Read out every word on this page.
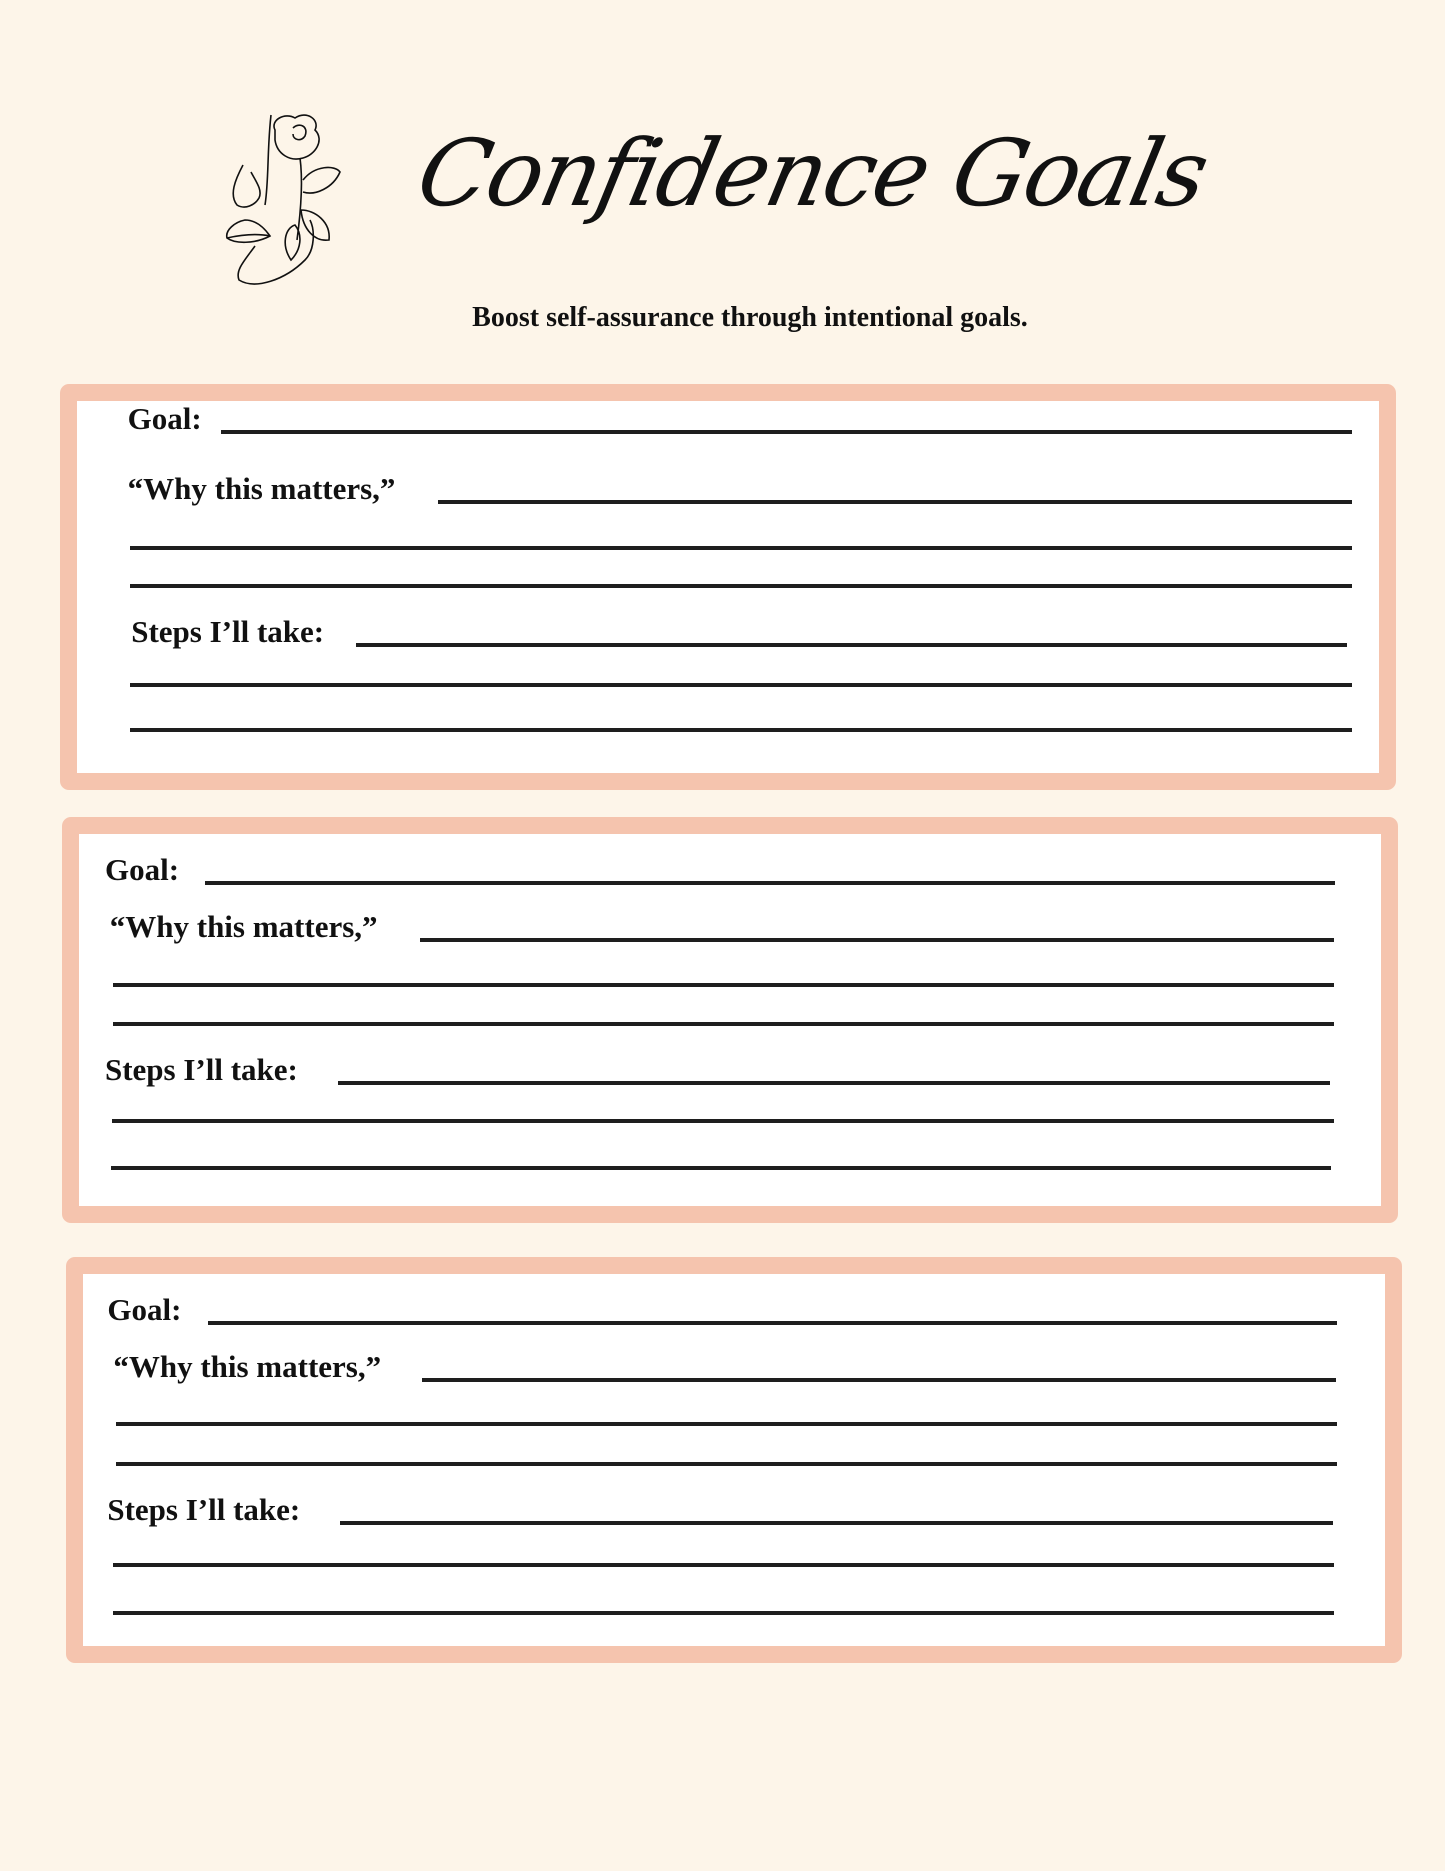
Confidence Goals
Boost self-assurance through intentional goals.
Goal:
“Why this matters,”
Steps I’ll take:
Goal:
“Why this matters,”
Steps I’ll take:
Goal:
“Why this matters,”
Steps I’ll take:
